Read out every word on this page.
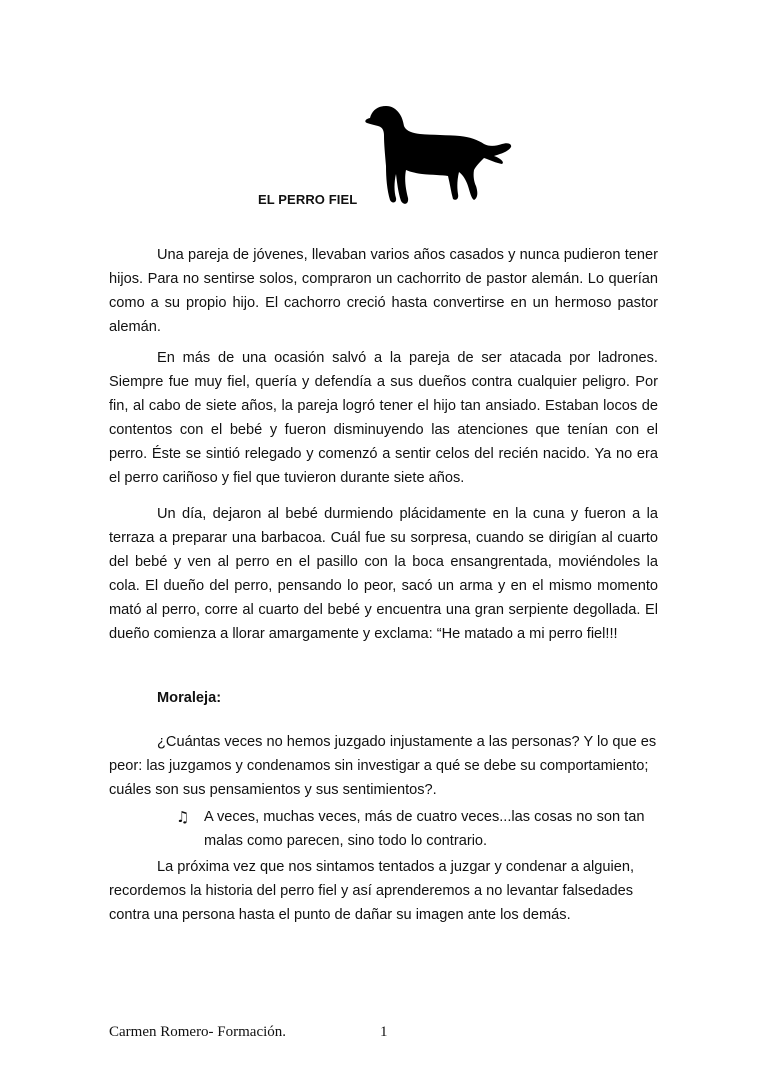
EL PERRO FIEL

Una pareja de jóvenes, llevaban varios años casados y nunca pudieron tener hijos. Para no sentirse solos, compraron un cachorrito de pastor alemán. Lo querían como a su propio hijo. El cachorro creció hasta convertirse en un hermoso pastor alemán.

En más de una ocasión salvó a la pareja de ser atacada por ladrones. Siempre fue muy fiel, quería y defendía a sus dueños contra cualquier peligro. Por fin, al cabo de siete años, la pareja logró tener el hijo tan ansiado. Estaban locos de contentos con el bebé y fueron disminuyendo las atenciones que tenían con el perro. Éste se sintió relegado y comenzó a sentir celos del recién nacido. Ya no era el perro cariñoso y fiel que tuvieron durante siete años.

Un día, dejaron al bebé durmiendo plácidamente en la cuna y fueron a la terraza a preparar una barbacoa. Cuál fue su sorpresa, cuando se dirigían al cuarto del bebé y ven al perro en el pasillo con la boca ensangrentada, moviéndoles la cola. El dueño del perro, pensando lo peor, sacó un arma y en el mismo momento mató al perro, corre al cuarto del bebé y encuentra una gran serpiente degollada. El dueño comienza a llorar amargamente y exclama: “He matado a mi perro fiel!!!

Moraleja:

¿Cuántas veces no hemos juzgado injustamente a las personas? Y lo que es peor: las juzgamos y condenamos sin investigar a qué se debe su comportamiento; cuáles son sus pensamientos y sus sentimientos?.

♫ A veces, muchas veces, más de cuatro veces...las cosas no son tan malas como parecen, sino todo lo contrario.

La próxima vez que nos sintamos tentados a juzgar y condenar a alguien, recordemos la historia del perro fiel y así aprenderemos a no levantar falsedades contra una persona hasta el punto de dañar su imagen ante los demás.

Carmen Romero- Formación.	1
